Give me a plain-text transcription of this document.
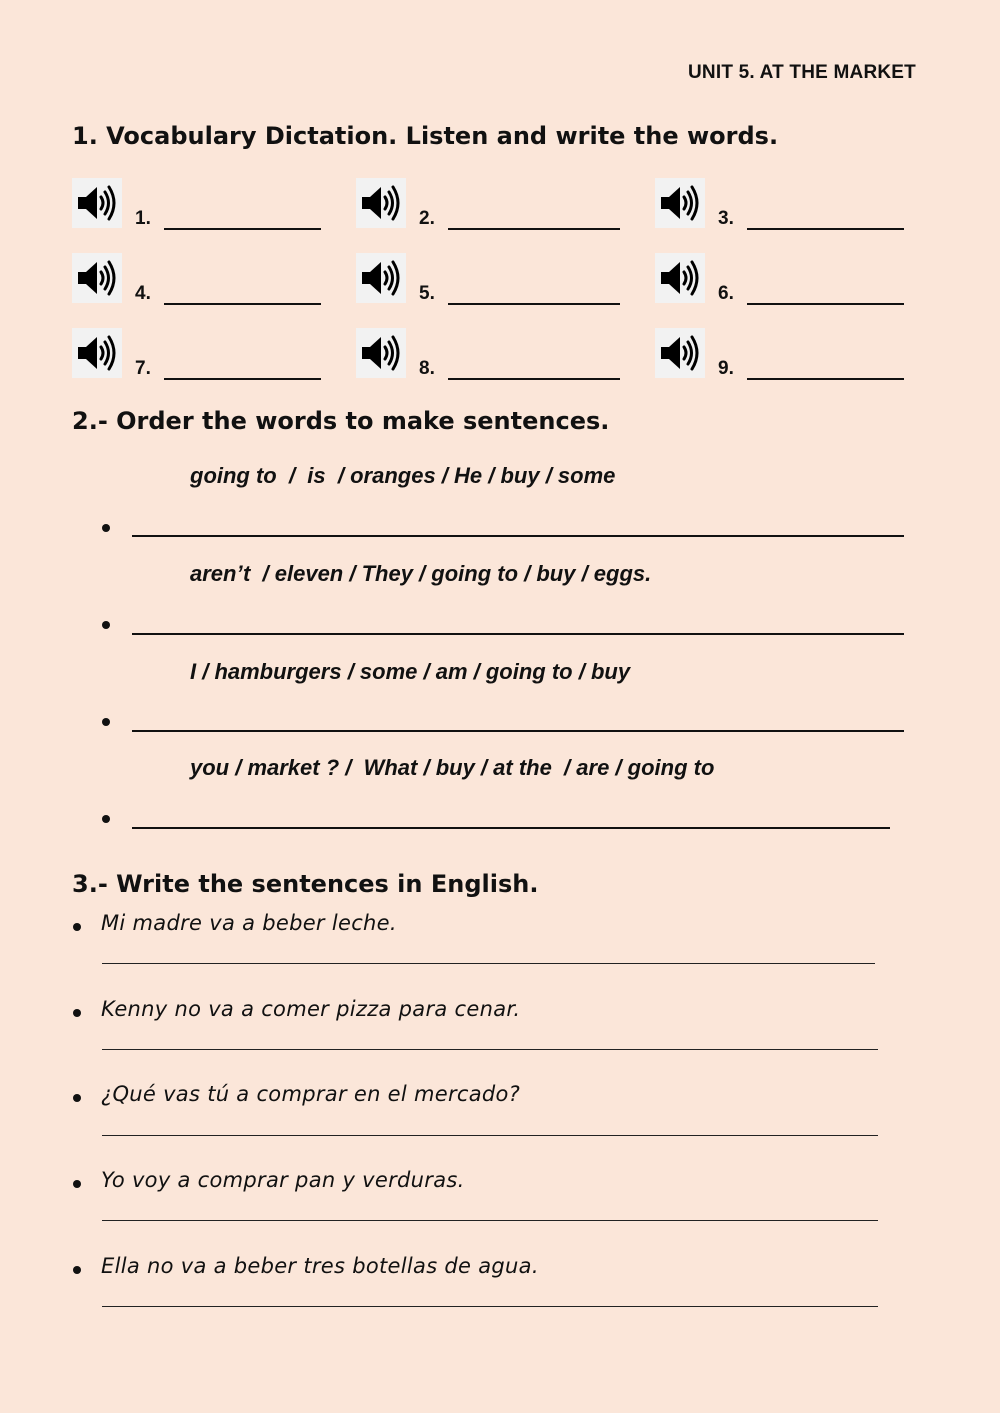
UNIT 5. AT THE MARKET
1. Vocabulary Dictation. Listen and write the words.
1.	2.	3.
4.	5.	6.
7.	8.	9.
2.- Order the words to make sentences.
going to  /  is  / oranges / He / buy / some
aren’t  / eleven / They / going to / buy / eggs.
I / hamburgers / some / am / going to / buy
you / market ? /  What / buy / at the  / are / going to
3.- Write the sentences in English.
Mi madre va a beber leche.
Kenny no va a comer pizza para cenar.
¿Qué vas tú a comprar en el mercado?
Yo voy a comprar pan y verduras.
Ella no va a beber tres botellas de agua.
